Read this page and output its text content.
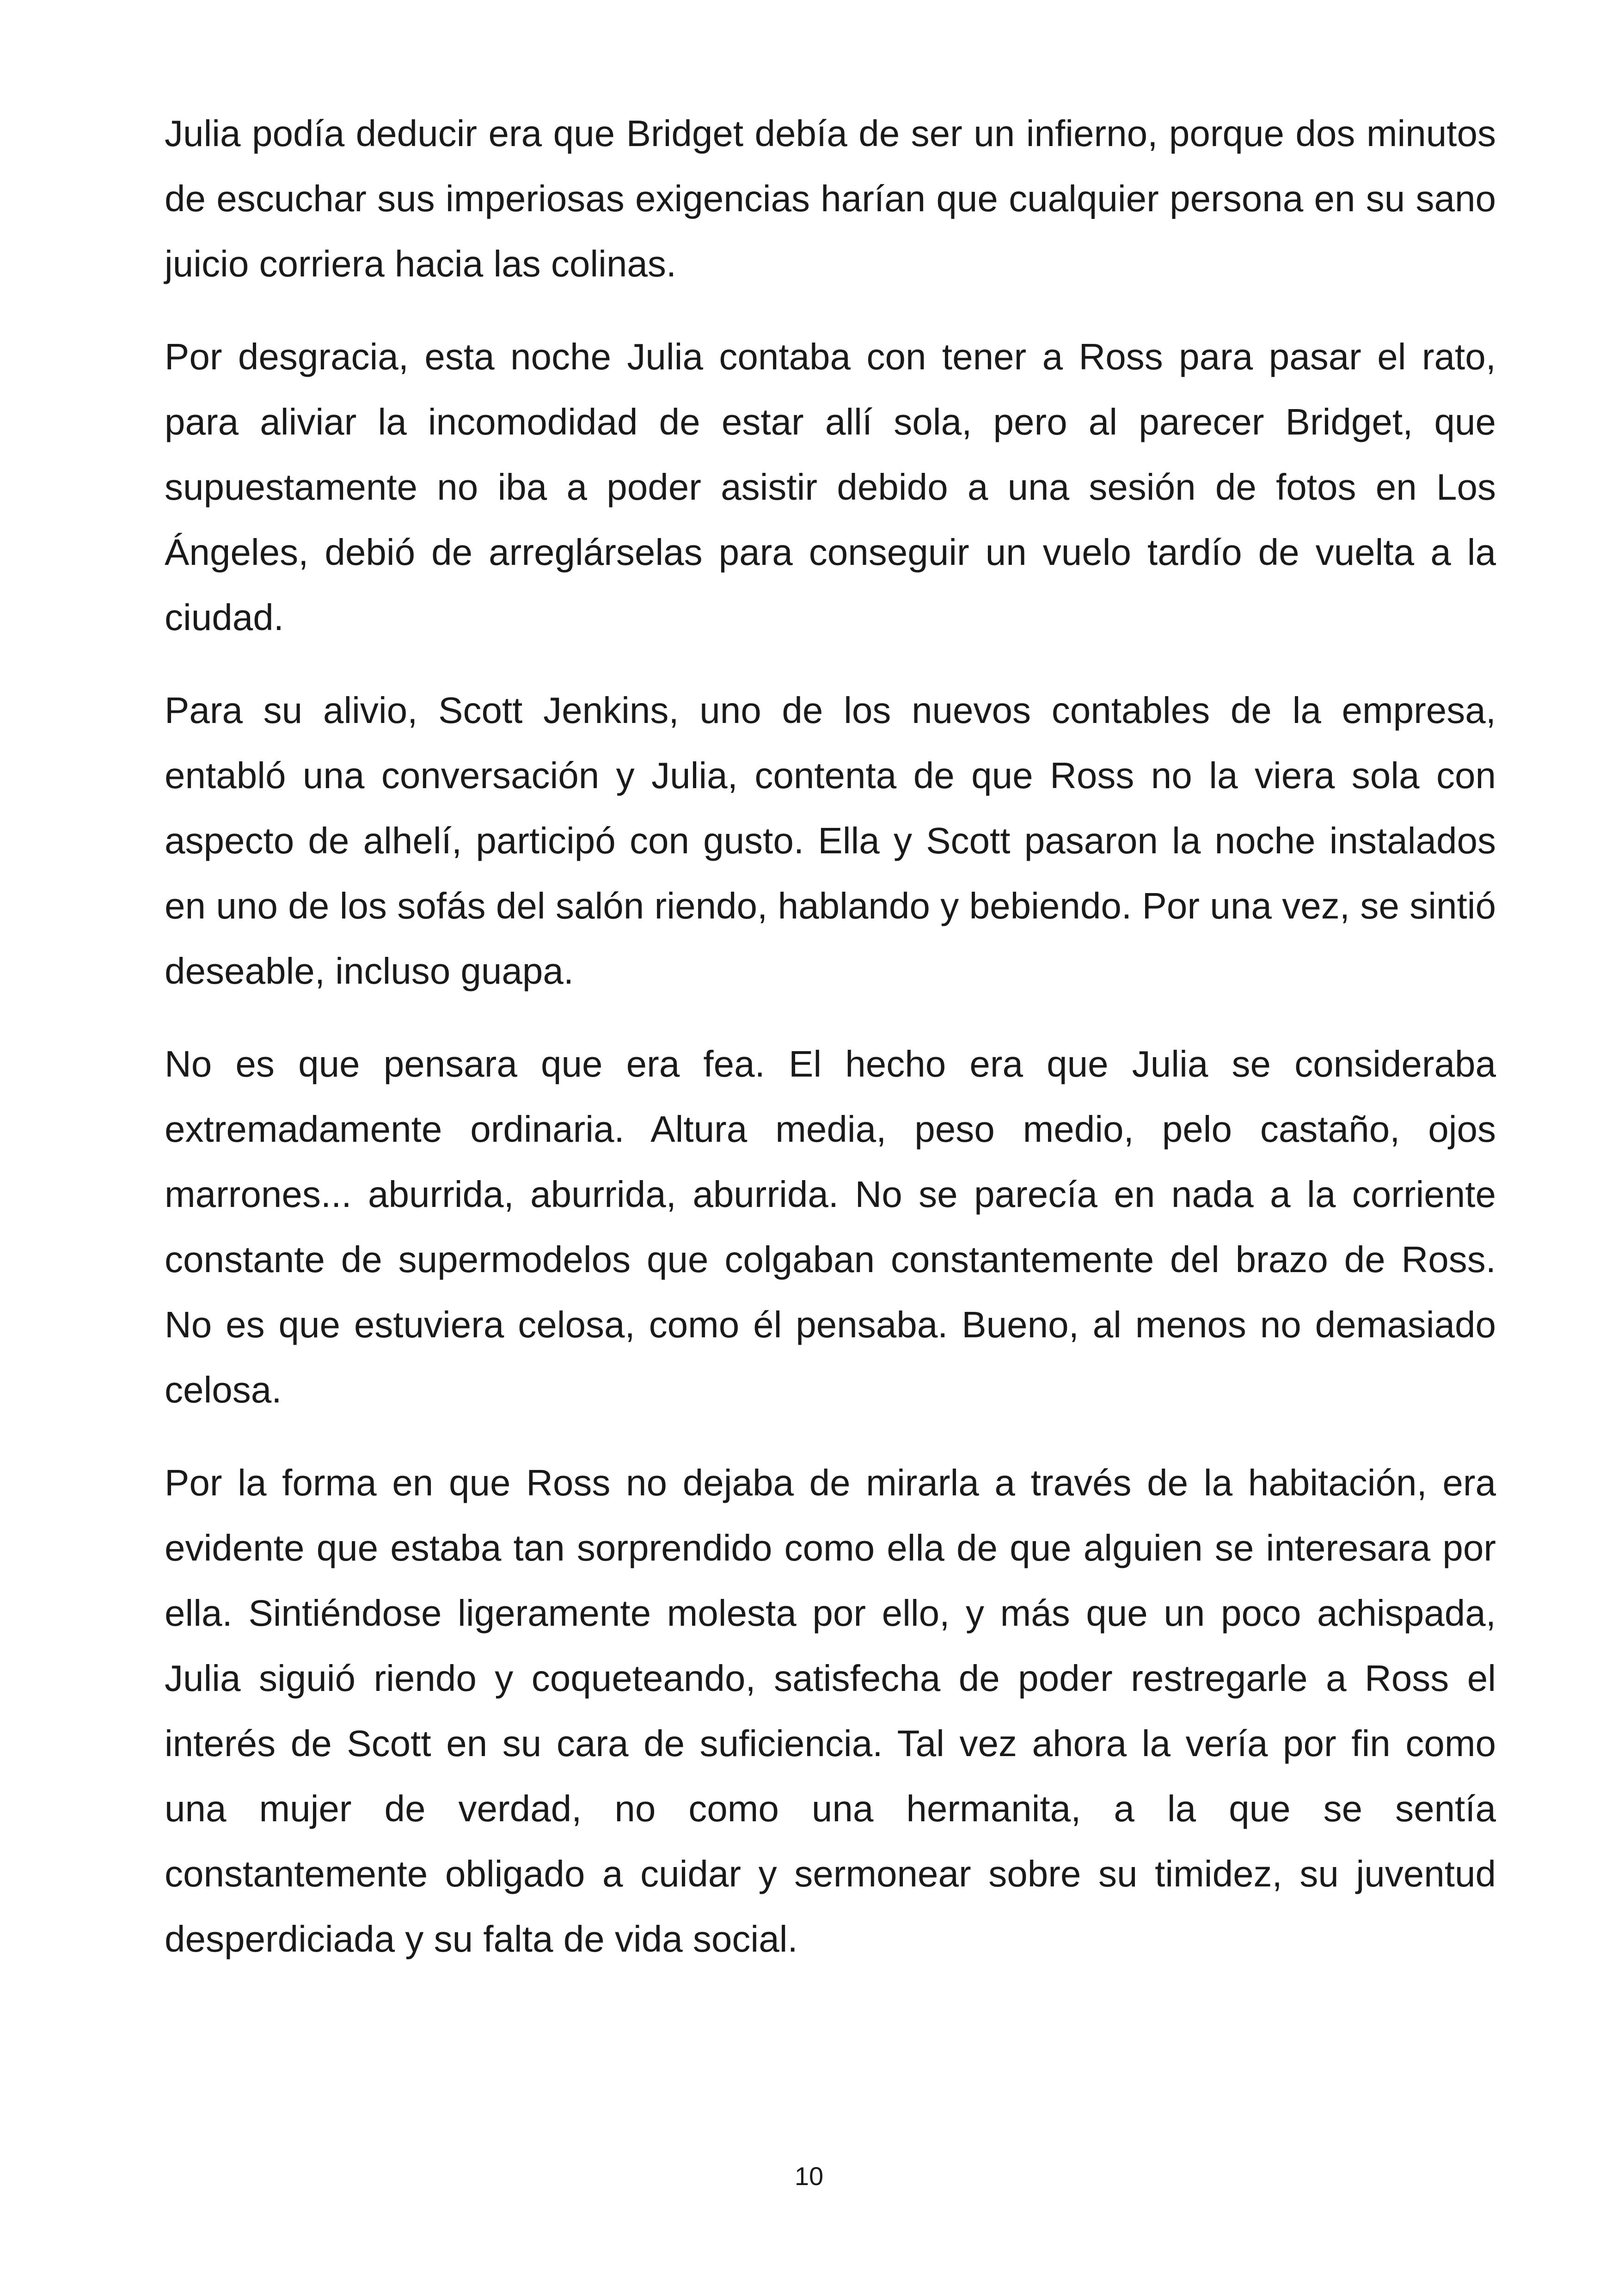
Julia podía deducir era que Bridget debía de ser un infierno, porque dos minutos de escuchar sus imperiosas exigencias harían que cualquier persona en su sano juicio corriera hacia las colinas.

Por desgracia, esta noche Julia contaba con tener a Ross para pasar el rato, para aliviar la incomodidad de estar allí sola, pero al parecer Bridget, que supuestamente no iba a poder asistir debido a una sesión de fotos en Los Ángeles, debió de arreglárselas para conseguir un vuelo tardío de vuelta a la ciudad.

Para su alivio, Scott Jenkins, uno de los nuevos contables de la empresa, entabló una conversación y Julia, contenta de que Ross no la viera sola con aspecto de alhelí, participó con gusto. Ella y Scott pasaron la noche instalados en uno de los sofás del salón riendo, hablando y bebiendo. Por una vez, se sintió deseable, incluso guapa.

No es que pensara que era fea. El hecho era que Julia se consideraba extremadamente ordinaria. Altura media, peso medio, pelo castaño, ojos marrones... aburrida, aburrida, aburrida. No se parecía en nada a la corriente constante de supermodelos que colgaban constantemente del brazo de Ross. No es que estuviera celosa, como él pensaba. Bueno, al menos no demasiado celosa.

Por la forma en que Ross no dejaba de mirarla a través de la habitación, era evidente que estaba tan sorprendido como ella de que alguien se interesara por ella. Sintiéndose ligeramente molesta por ello, y más que un poco achispada, Julia siguió riendo y coqueteando, satisfecha de poder restregarle a Ross el interés de Scott en su cara de suficiencia. Tal vez ahora la vería por fin como una mujer de verdad, no como una hermanita, a la que se sentía constantemente obligado a cuidar y sermonear sobre su timidez, su juventud desperdiciada y su falta de vida social.

10
